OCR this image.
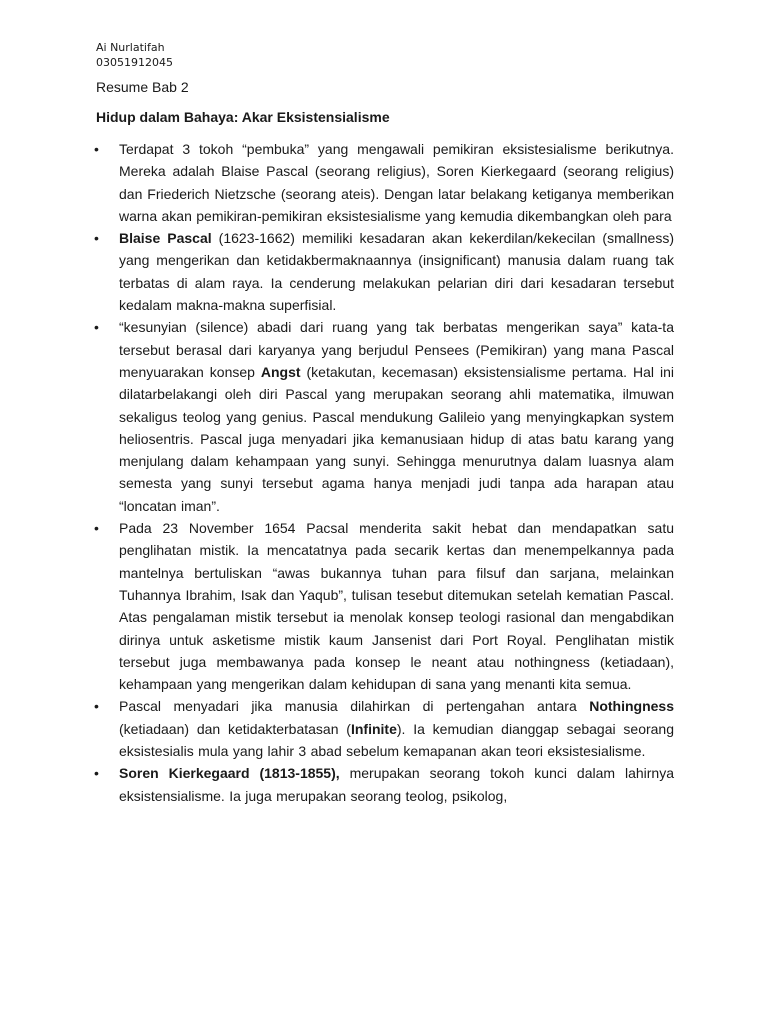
Ai Nurlatifah
03051912045
Resume Bab 2
Hidup dalam Bahaya: Akar Eksistensialisme
•	Terdapat 3 tokoh “pembuka” yang mengawali pemikiran eksistesialisme berikutnya. Mereka adalah Blaise Pascal (seorang religius), Soren Kierkegaard (seorang religius) dan Friederich Nietzsche (seorang ateis). Dengan latar belakang ketiganya memberikan warna akan pemikiran-pemikiran eksistesialisme yang kemudia dikembangkan oleh para
•	Blaise Pascal (1623-1662) memiliki kesadaran akan kekerdilan/kekecilan (smallness) yang mengerikan dan ketidakbermaknaannya (insignificant) manusia dalam ruang tak terbatas di alam raya. Ia cenderung melakukan pelarian diri dari kesadaran tersebut kedalam makna-makna superfisial.
•	“kesunyian (silence) abadi dari ruang yang tak berbatas mengerikan saya” kata-ta tersebut berasal dari karyanya yang berjudul Pensees (Pemikiran) yang mana Pascal menyuarakan konsep Angst (ketakutan, kecemasan) eksistensialisme pertama. Hal ini dilatarbelakangi oleh diri Pascal yang merupakan seorang ahli matematika, ilmuwan sekaligus teolog yang genius. Pascal mendukung Galileio yang menyingkapkan system heliosentris. Pascal juga menyadari jika kemanusiaan hidup di atas batu karang yang menjulang dalam kehampaan yang sunyi. Sehingga menurutnya dalam luasnya alam semesta yang sunyi tersebut agama hanya menjadi judi tanpa ada harapan atau “loncatan iman”.
•	Pada 23 November 1654 Pacsal menderita sakit hebat dan mendapatkan satu penglihatan mistik. Ia mencatatnya pada secarik kertas dan menempelkannya pada mantelnya bertuliskan “awas bukannya tuhan para filsuf dan sarjana, melainkan Tuhannya Ibrahim, Isak dan Yaqub”, tulisan tesebut ditemukan setelah kematian Pascal. Atas pengalaman mistik tersebut ia menolak konsep teologi rasional dan mengabdikan dirinya untuk asketisme mistik kaum Jansenist dari Port Royal. Penglihatan mistik tersebut juga membawanya pada konsep le neant atau nothingness (ketiadaan), kehampaan yang mengerikan dalam kehidupan di sana yang menanti kita semua.
•	Pascal menyadari jika manusia dilahirkan di pertengahan antara Nothingness (ketiadaan) dan ketidakterbatasan (Infinite). Ia kemudian dianggap sebagai seorang eksistesialis mula yang lahir 3 abad sebelum kemapanan akan teori eksistesialisme.
•	Soren Kierkegaard (1813-1855), merupakan seorang tokoh kunci dalam lahirnya eksistensialisme. Ia juga merupakan seorang teolog, psikolog,
